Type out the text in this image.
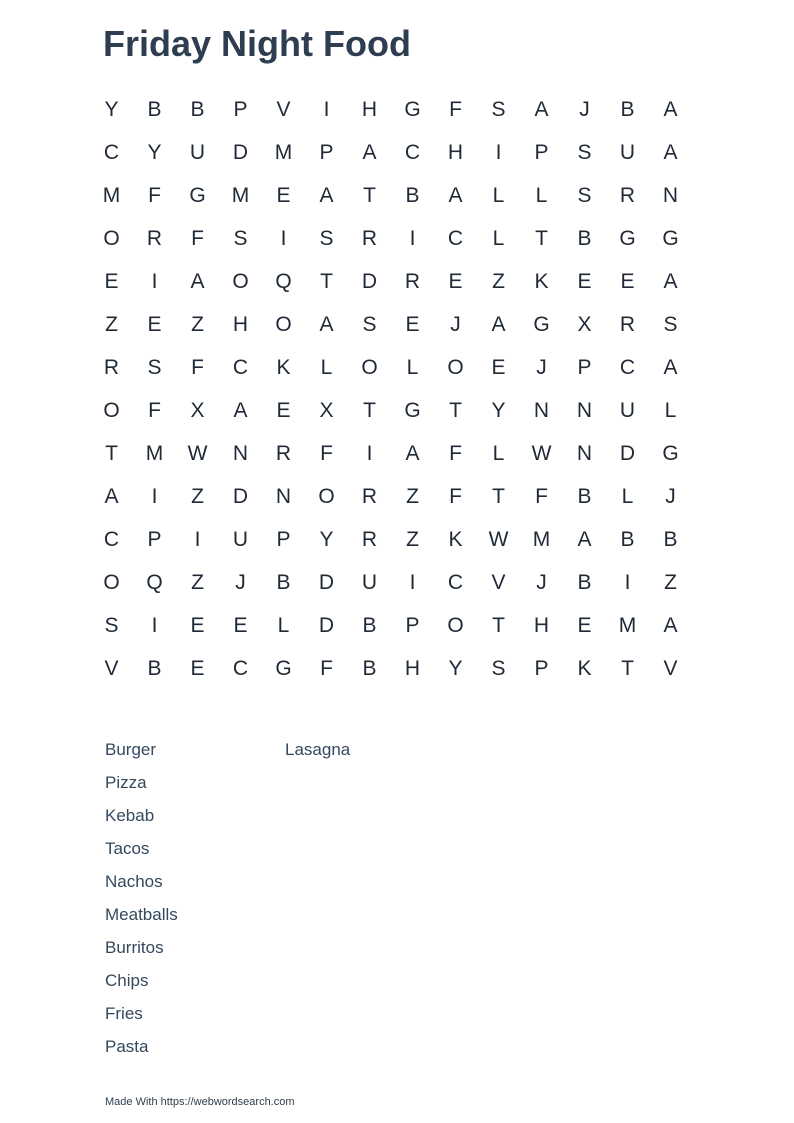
Friday Night Food
Y	B	B	P	V	I	H	G	F	S	A	J	B	A
C	Y	U	D	M	P	A	C	H	I	P	S	U	A
M	F	G	M	E	A	T	B	A	L	L	S	R	N
O	R	F	S	I	S	R	I	C	L	T	B	G	G
E	I	A	O	Q	T	D	R	E	Z	K	E	E	A
Z	E	Z	H	O	A	S	E	J	A	G	X	R	S
R	S	F	C	K	L	O	L	O	E	J	P	C	A
O	F	X	A	E	X	T	G	T	Y	N	N	U	L
T	M	W	N	R	F	I	A	F	L	W	N	D	G
A	I	Z	D	N	O	R	Z	F	T	F	B	L	J
C	P	I	U	P	Y	R	Z	K	W	M	A	B	B
O	Q	Z	J	B	D	U	I	C	V	J	B	I	Z
S	I	E	E	L	D	B	P	O	T	H	E	M	A
V	B	E	C	G	F	B	H	Y	S	P	K	T	V
Burger
Pizza
Kebab
Tacos
Nachos
Meatballs
Burritos
Chips
Fries
Pasta
Lasagna
Made With https://webwordsearch.com
